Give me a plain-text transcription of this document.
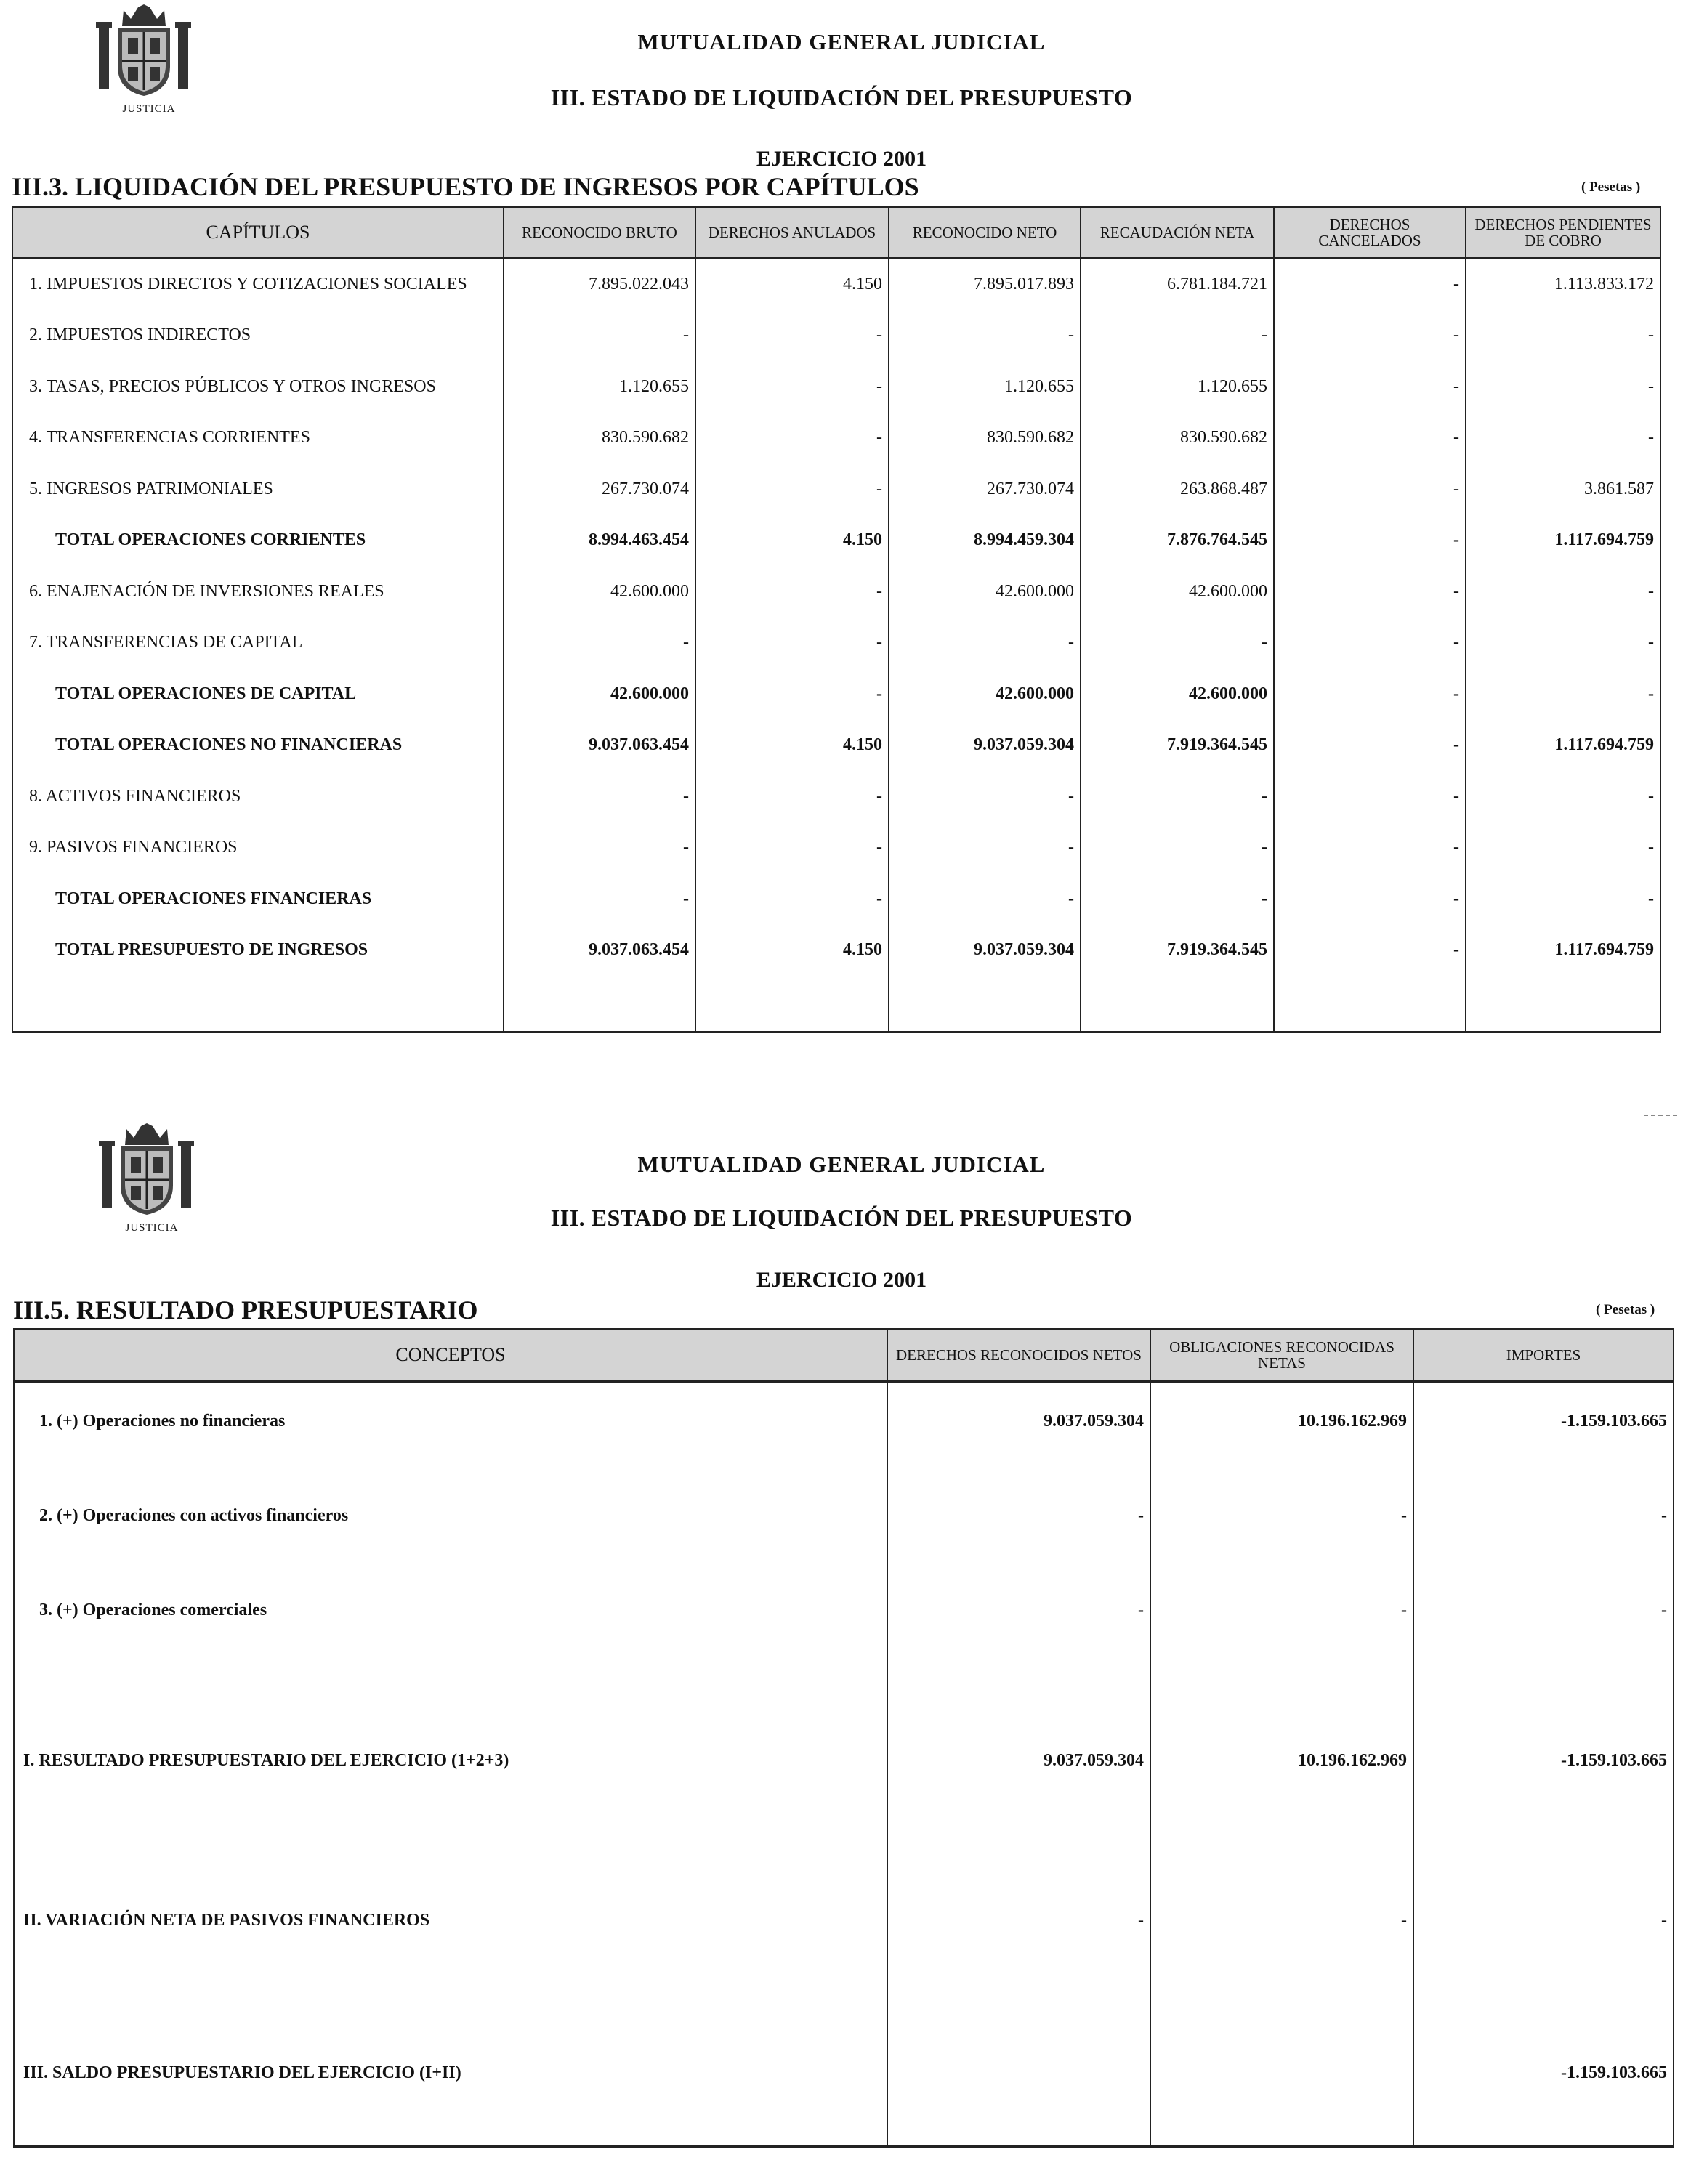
JUSTICIA
MUTUALIDAD GENERAL JUDICIAL
III. ESTADO DE LIQUIDACIÓN DEL PRESUPUESTO
EJERCICIO 2001
III.3. LIQUIDACIÓN DEL PRESUPUESTO DE INGRESOS POR CAPÍTULOS	( Pesetas )
CAPÍTULOS	RECONOCIDO BRUTO	DERECHOS ANULADOS	RECONOCIDO NETO	RECAUDACIÓN NETA	DERECHOS CANCELADOS	DERECHOS PENDIENTES DE COBRO
1. IMPUESTOS DIRECTOS Y COTIZACIONES SOCIALES	7.895.022.043	4.150	7.895.017.893	6.781.184.721	-	1.113.833.172
2. IMPUESTOS INDIRECTOS	-	-	-	-	-	-
3. TASAS, PRECIOS PÚBLICOS Y OTROS INGRESOS	1.120.655	-	1.120.655	1.120.655	-	-
4. TRANSFERENCIAS CORRIENTES	830.590.682	-	830.590.682	830.590.682	-	-
5. INGRESOS PATRIMONIALES	267.730.074	-	267.730.074	263.868.487	-	3.861.587
TOTAL OPERACIONES CORRIENTES	8.994.463.454	4.150	8.994.459.304	7.876.764.545	-	1.117.694.759
6. ENAJENACIÓN DE INVERSIONES REALES	42.600.000	-	42.600.000	42.600.000	-	-
7. TRANSFERENCIAS DE CAPITAL	-	-	-	-	-	-
TOTAL OPERACIONES DE CAPITAL	42.600.000	-	42.600.000	42.600.000	-	-
TOTAL OPERACIONES NO FINANCIERAS	9.037.063.454	4.150	9.037.059.304	7.919.364.545	-	1.117.694.759
8. ACTIVOS FINANCIEROS	-	-	-	-	-	-
9. PASIVOS FINANCIEROS	-	-	-	-	-	-
TOTAL OPERACIONES FINANCIERAS	-	-	-	-	-	-
TOTAL PRESUPUESTO DE INGRESOS	9.037.063.454	4.150	9.037.059.304	7.919.364.545	-	1.117.694.759

JUSTICIA
MUTUALIDAD GENERAL JUDICIAL
III. ESTADO DE LIQUIDACIÓN DEL PRESUPUESTO
EJERCICIO 2001
III.5. RESULTADO PRESUPUESTARIO	( Pesetas )
CONCEPTOS	DERECHOS RECONOCIDOS NETOS	OBLIGACIONES RECONOCIDAS NETAS	IMPORTES
1. (+) Operaciones no financieras	9.037.059.304	10.196.162.969	-1.159.103.665
2. (+) Operaciones con activos financieros	-	-	-
3. (+) Operaciones comerciales	-	-	-
I. RESULTADO PRESUPUESTARIO DEL EJERCICIO (1+2+3)	9.037.059.304	10.196.162.969	-1.159.103.665
II. VARIACIÓN NETA DE PASIVOS FINANCIEROS	-	-	-
III. SALDO PRESUPUESTARIO DEL EJERCICIO (I+II)			-1.159.103.665
